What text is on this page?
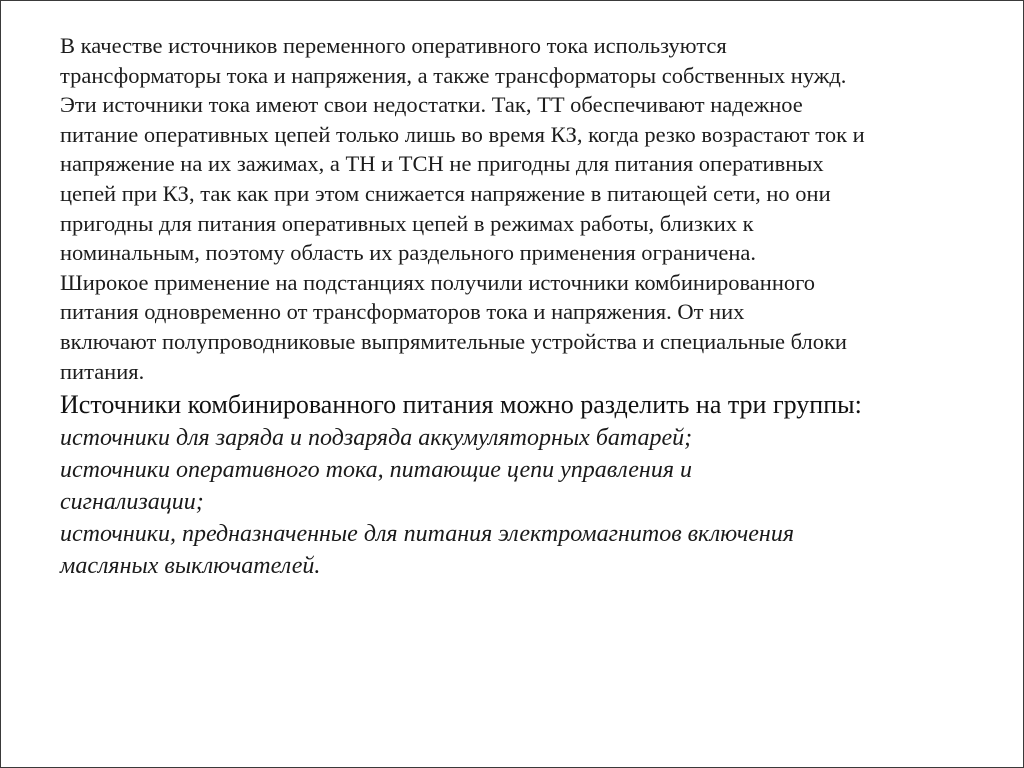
В качестве источников переменного оперативного тока используются
трансформаторы тока и напряжения, а также трансформаторы собственных нужд.
Эти источники тока имеют свои недостатки. Так, ТТ обеспечивают надежное
питание оперативных цепей только лишь во время КЗ, когда резко возрастают ток и
напряжение на их зажимах, а ТН и ТСН не пригодны для питания оперативных
цепей при КЗ, так как при этом снижается напряжение в питающей сети, но они
пригодны для питания оперативных цепей в режимах работы, близких к
номинальным, поэтому область их раздельного применения ограничена.
Широкое применение на подстанциях получили источники комбинированного
питания одновременно от трансформаторов тока и напряжения. От них
включают полупроводниковые выпрямительные устройства и специальные блоки
питания.
Источники комбинированного питания можно разделить на три группы:
источники для заряда и подзаряда аккумуляторных батарей;
источники оперативного тока, питающие цепи управления и
сигнализации;
источники, предназначенные для питания электромагнитов включения
масляных выключателей.
